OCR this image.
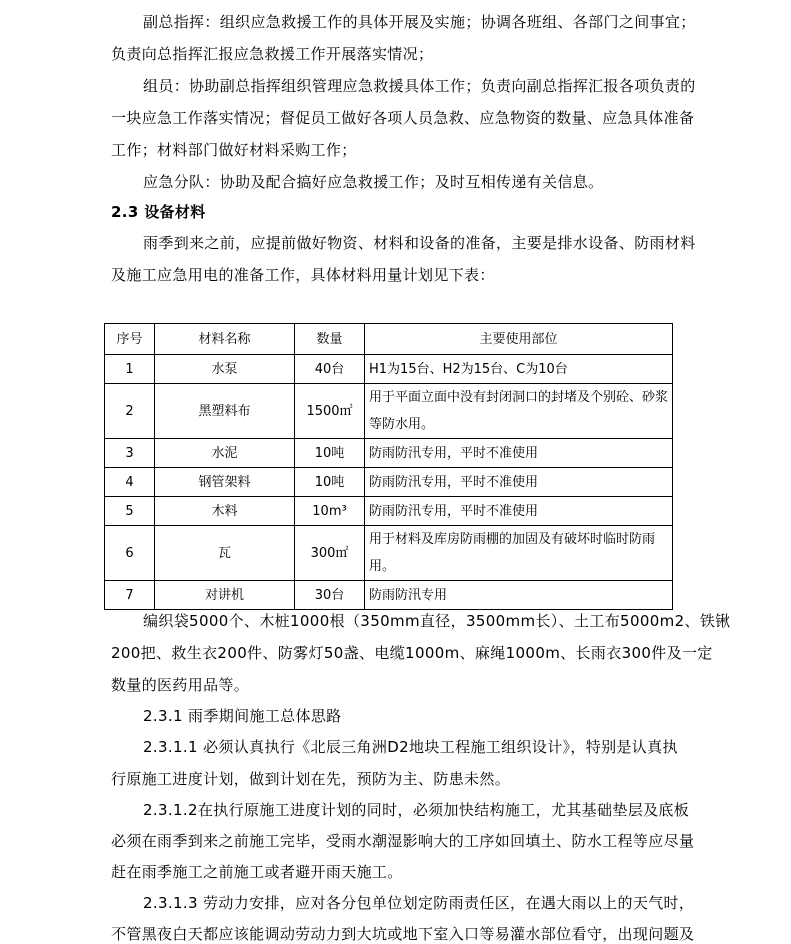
副总指挥：组织应急救援工作的具体开展及实施；协调各班组、各部门之间事宜；
负责向总指挥汇报应急救援工作开展落实情况；
组员：协助副总指挥组织管理应急救援具体工作；负责向副总指挥汇报各项负责的
一块应急工作落实情况；督促员工做好各项人员急救、应急物资的数量、应急具体准备
工作；材料部门做好材料采购工作；
应急分队：协助及配合搞好应急救援工作；及时互相传递有关信息。
2.3 设备材料
雨季到来之前，应提前做好物资、材料和设备的准备，主要是排水设备、防雨材料
及施工应急用电的准备工作，具体材料用量计划见下表：
序号	材料名称	数量	主要使用部位
1	水泵	40台	H1为15台、H2为15台、C为10台
2	黑塑料布	1500㎡	用于平面立面中没有封闭洞口的封堵及个别砼、砂浆等防水用。
3	水泥	10吨	防雨防汛专用，平时不准使用
4	钢管架料	10吨	防雨防汛专用，平时不准使用
5	木料	10m³	防雨防汛专用，平时不准使用
6	瓦	300㎡	用于材料及库房防雨棚的加固及有破坏时临时防雨用。
7	对讲机	30台	防雨防汛专用
编织袋5000个、木桩1000根（350mm直径，3500mm长）、土工布5000m2、铁锹
200把、救生衣200件、防雾灯50盏、电缆1000m、麻绳1000m、长雨衣300件及一定
数量的医药用品等。
2.3.1 雨季期间施工总体思路
2.3.1.1 必须认真执行《北辰三角洲D2地块工程施工组织设计》，特别是认真执
行原施工进度计划，做到计划在先，预防为主、防患未然。
2.3.1.2在执行原施工进度计划的同时，必须加快结构施工，尤其基础垫层及底板
必须在雨季到来之前施工完毕，受雨水潮湿影响大的工序如回填土、防水工程等应尽量
赶在雨季施工之前施工或者避开雨天施工。
2.3.1.3 劳动力安排，应对各分包单位划定防雨责任区，在遇大雨以上的天气时，
不管黑夜白天都应该能调动劳动力到大坑或地下室入口等易灌水部位看守，出现问题及
